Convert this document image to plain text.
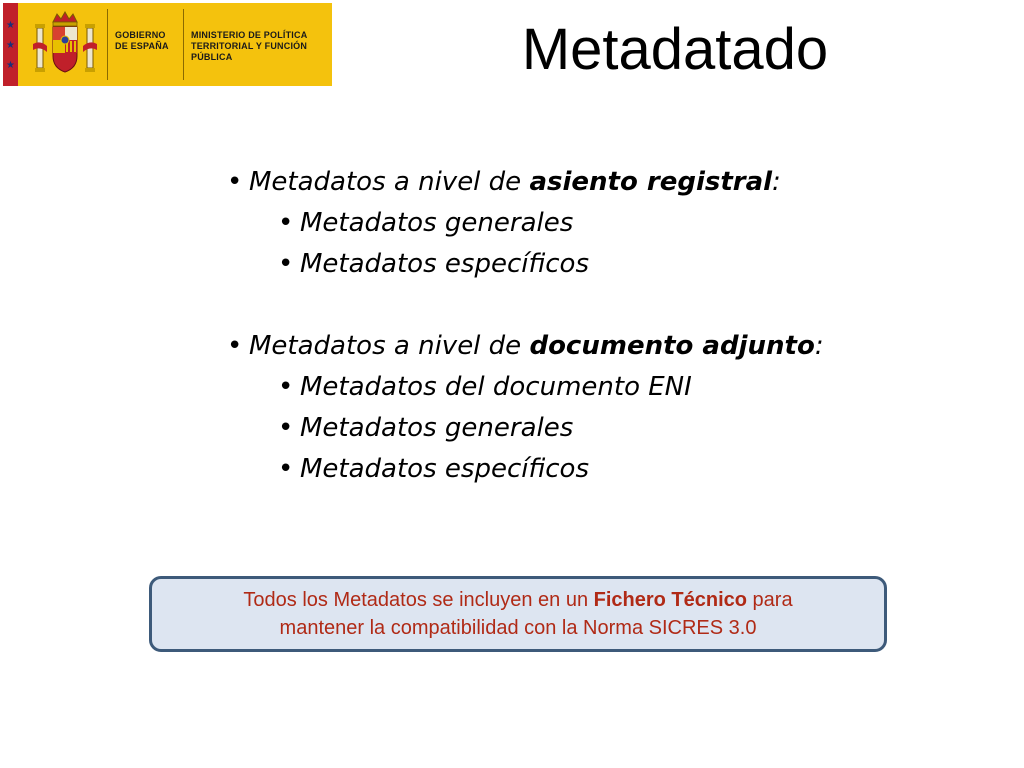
★
★
★
GOBIERNO DE ESPAÑA
MINISTERIO DE POLÍTICA TERRITORIAL Y FUNCIÓN PÚBLICA	Metadatado
• Metadatos a nivel de asiento registral:
• Metadatos generales
• Metadatos específicos
• Metadatos a nivel de documento adjunto:
• Metadatos del documento ENI
• Metadatos generales
• Metadatos específicos
Todos los Metadatos se incluyen en un Fichero Técnico para
mantener la compatibilidad con la Norma SICRES 3.0
